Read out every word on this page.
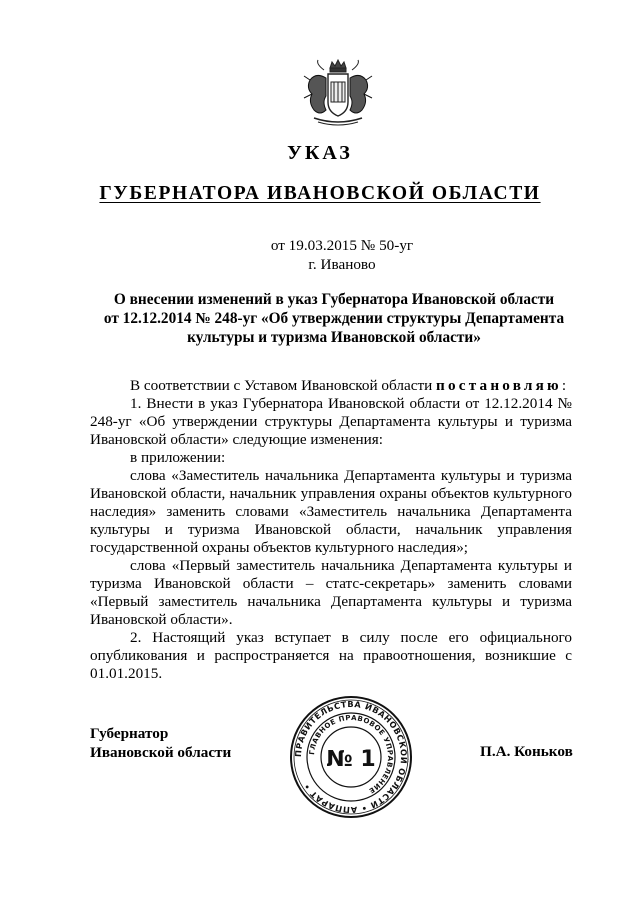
УКАЗ
ГУБЕРНАТОРА ИВАНОВСКОЙ ОБЛАСТИ
от 19.03.2015 № 50-уг
г. Иваново
О внесении изменений в указ Губернатора Ивановской области
от 12.12.2014 № 248-уг «Об утверждении структуры Департамента
культуры и туризма Ивановской области»

В соответствии с Уставом Ивановской области постановляю:

1. Внести в указ Губернатора Ивановской области от 12.12.2014 № 248-уг «Об утверждении структуры Департамента культуры и туризма Ивановской области» следующие изменения:

в приложении:

слова «Заместитель начальника Департамента культуры и туризма Ивановской области, начальник управления охраны объектов культурного наследия» заменить словами «Заместитель начальника Департамента культуры и туризма Ивановской области, начальник управления государственной охраны объектов культурного наследия»;

слова «Первый заместитель начальника Департамента культуры и туризма Ивановской области – статс-секретарь» заменить словами «Первый заместитель начальника Департамента культуры и туризма Ивановской области».

2. Настоящий указ вступает в силу после его официального опубликования и распространяется на правоотношения, возникшие с 01.01.2015.

Губернатор
Ивановской области	ПРАВИТЕЛЬСТВА ИВАНОВСКОЙ ОБЛАСТИ • АППАРАТ •
ГЛАВНОЕ ПРАВОВОЕ УПРАВЛЕНИЕ
№ 1	П.А. Коньков
